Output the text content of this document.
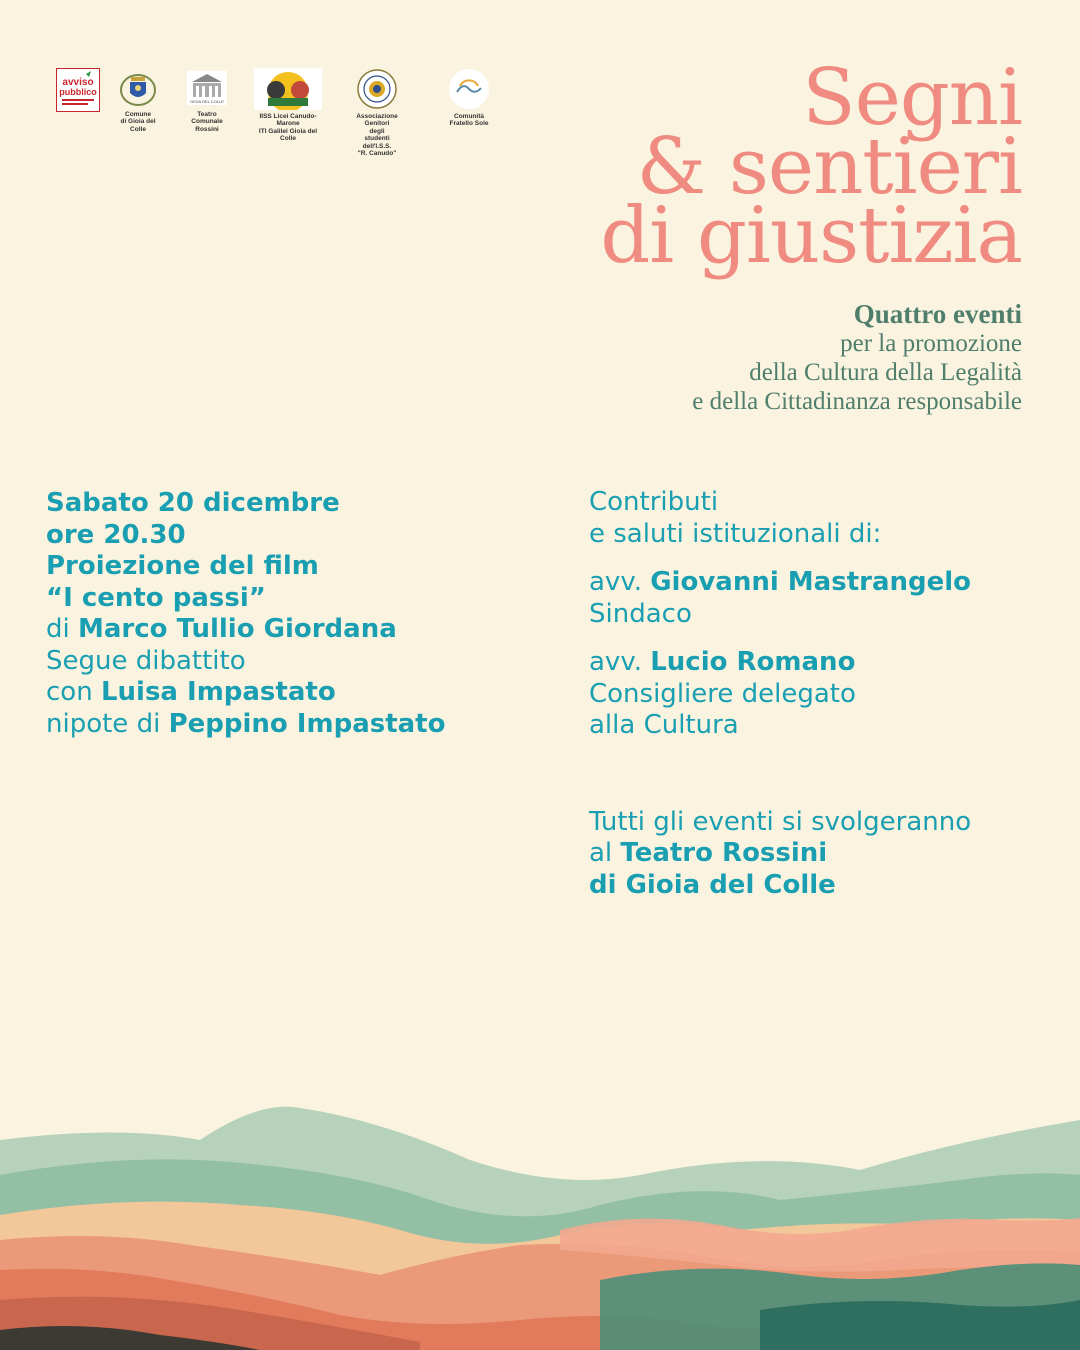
avviso
pubblico
Comune
di Gioia del Colle
GIOIA DEL COLLE
Teatro Comunale
Rossini
IISS Licei Canudo-Marone
ITI Galilei Gioia del Colle
Associazione Genitori
degli studenti dell'I.S.S.
"R. Canudo"
Comunità Fratello Sole	Segni
& sentieri
di giustizia
Quattro eventi
per la promozione
della Cultura della Legalità
e della Cittadinanza responsabile
Sabato 20 dicembre
ore 20.30
Proiezione del film
“I cento passi”
di Marco Tullio Giordana
Segue dibattito
con Luisa Impastato
nipote di Peppino Impastato
Contributi
e saluti istituzionali di:
avv. Giovanni Mastrangelo
Sindaco
avv. Lucio Romano
Consigliere delegato
alla Cultura
Tutti gli eventi si svolgeranno
al Teatro Rossini
di Gioia del Colle
